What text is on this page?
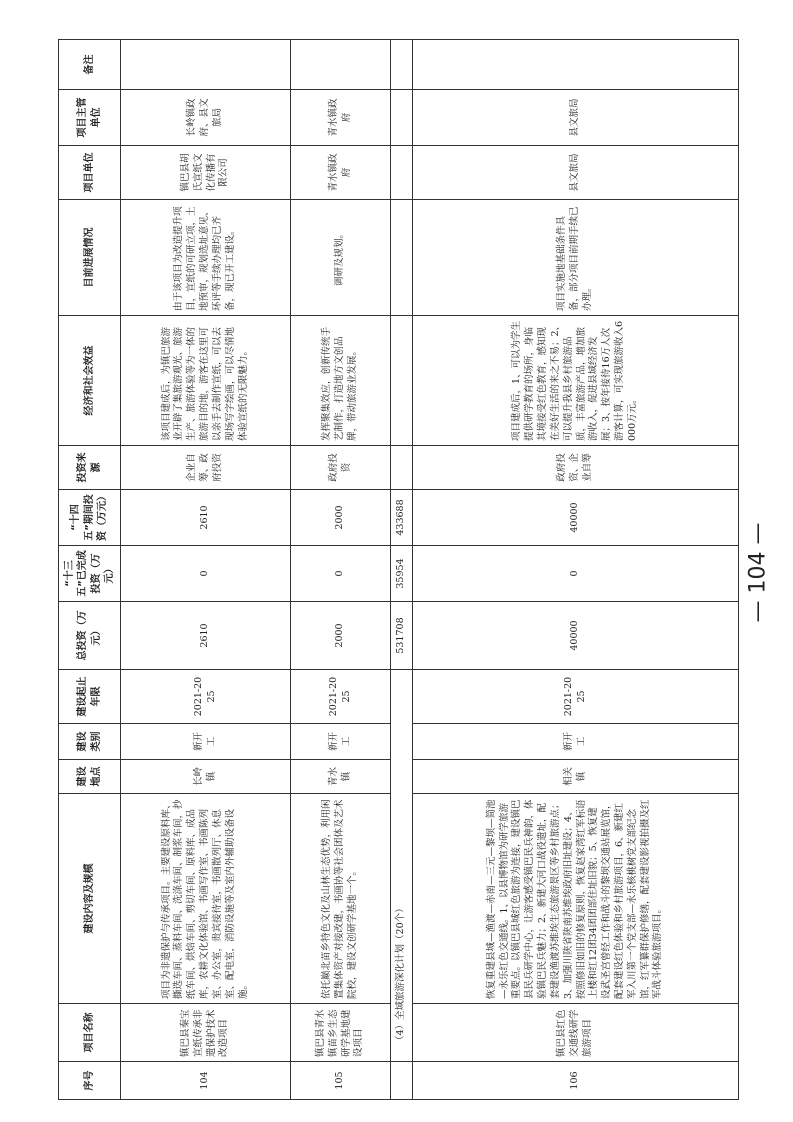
序号	项目名称	建设内容及规模	建设地点	建设类别	建设起止年限	总投资（万元）	“十三五”已完成投资（万元）	“十四五”期间投资（万元）	投资来源	经济和社会效益	目前进展情况	项目单位	项目主管单位	备注
104	镇巴县秦宝宣纸传承非遗保护技术改造项目	项目为非遗保护与传承项目。主要建设原料库、撕选车间、蒸料车间、洗涤车间、制浆车间，抄纸车间、烘焙车间、剪切车间、原料库、成品库，农耕文化体验馆、书画写作室、书画陈列室、办公室，贵宾接待室，书画散列厅、休息室、配电室，消防设施等及室内外辅助设备设施。	长岭镇	新开工	2021-2025	2610	0	2610	企业自筹、政府投资	该项目建成后，为镇巴旅游业开辟了集旅游观光、旅游生产、旅游体验等为一体的旅游目的地，游客在这里可以亲手去制作宣纸，可以去现场写字绘画，可以尽情地体验宣纸的无限魅力。	由于该项目为改造提升项目，宣纸的可研立项，土地预审，规划选址意见、环评等手续办理均已齐备，现已开工建设。	镇巴县胡氏宣纸文化传播有限公司	长岭镇政府、县文旅局	
105	镇巴县青水镇苗乡生态研学基地建设项目	依托巅北苗乡特色文化及山林生态优势，利用闲置集体资产对接改建，书画协等社会团体及艺术院校，建设文创研学基地一个。	青水镇	新开工	2021-2025	2000	0	2000	政府投资	发挥聚集效应，创新传统手艺制作，打造地方文创品牌，带动旅游业发展。	调研及规划。	青水镇政府	青水镇政府	
	（4）全域旅游深化计划（20个）					531708	35954	433688						
106	镇巴县红色交通线研学旅游项目	恢复重建县城—渔渡—赤南—三元—黎坝—简池—永乐红色交通线。1、以县博物馆为研学旅游重要点。以镇巴县城红色旅游为连接，建设镇巴县民兵研学中心，让游客感受镇巴民兵神韵，体验镇巴民兵魅力；2、新建大河口战役遗址，配套建设渔渡苏维埃生态旅游景区等乡村旅游点；3、加强川陕省陕南苏维埃政府旧址建设；4、按照修旧如旧的修复原则，恢复赵家湾红军标语上楼和红12团34团团部住址旧貌；5、恢复建设武圣宫曾经工作和战斗的黎坝交通站展览馆，配套建设红色体验和乡村旅游项目，6、新建红军入川第一个党支部—永乐核桃树党支部纪念馆，红军纂群保护修缮，配套建设影视拍摄及红军战斗体验旅游项目。	相关镇	新开工	2021-2025	40000	0	40000	政府投资、企业自筹	项目建成后，1、可以为学生提供研学教育的场所，身临其境接受红色教育，感知现在美好生活的来之不易；2、可以提升我县乡村旅游品质，丰富旅游产品，增加旅游收入，促进县域经济发展；3、按年接待16万人次游客计算，可实现旅游收入6000万元。	项目实施地基础条件具备，部分项目前期手续已办理。	县文旅局	县文旅局	
— 104 —
